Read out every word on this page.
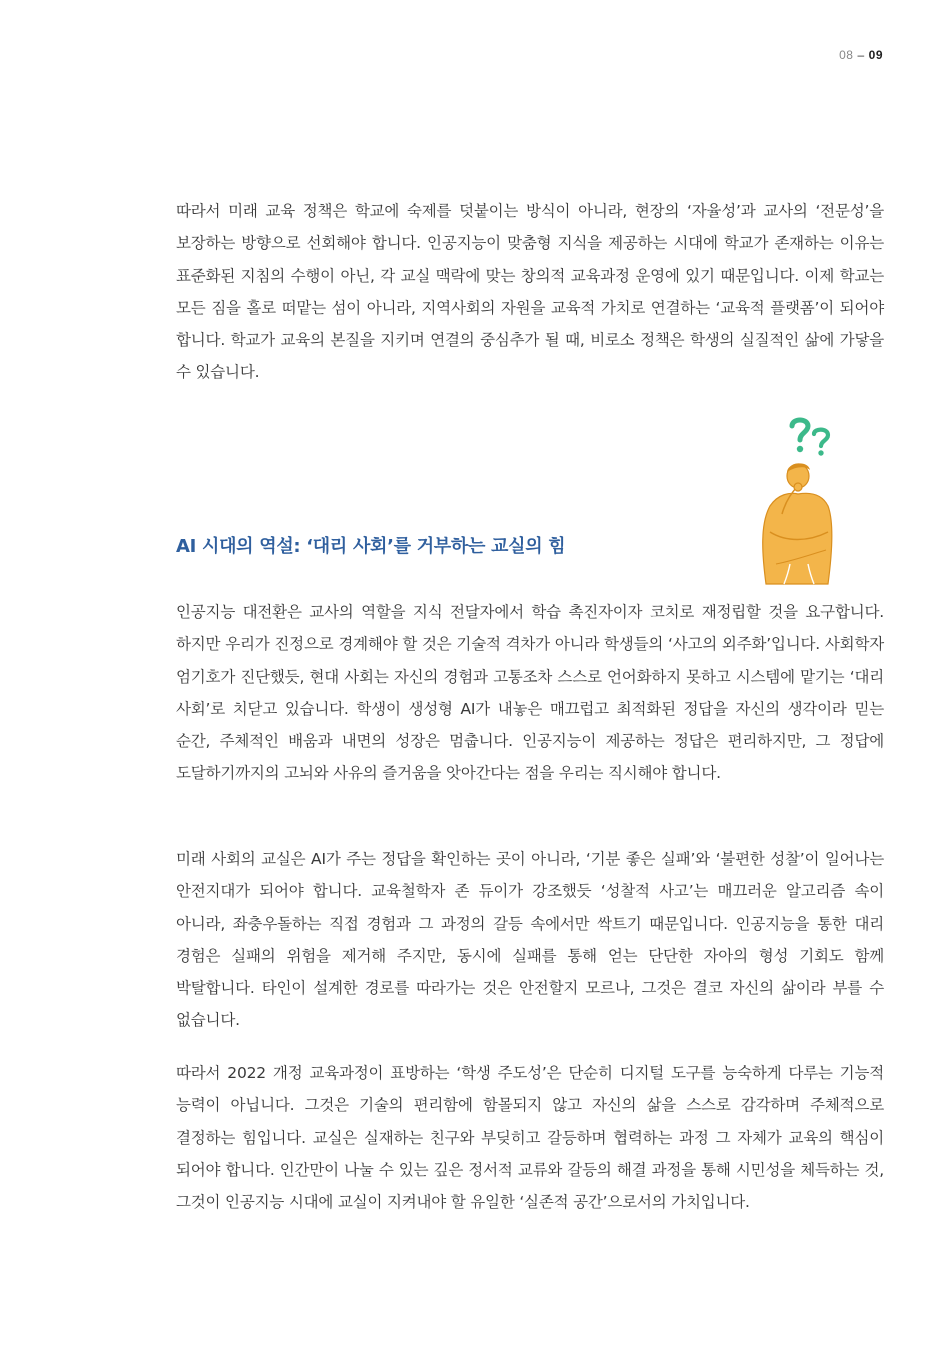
08 – 09

따라서 미래 교육 정책은 학교에 숙제를 덧붙이는 방식이 아니라, 현장의 ‘자율성’과 교사의 ‘전문성’을 보장하는 방향으로 선회해야 합니다. 인공지능이 맞춤형 지식을 제공하는 시대에 학교가 존재하는 이유는 표준화된 지침의 수행이 아닌, 각 교실 맥락에 맞는 창의적 교육과정 운영에 있기 때문입니다. 이제 학교는 모든 짐을 홀로 떠맡는 섬이 아니라, 지역사회의 자원을 교육적 가치로 연결하는 ‘교육적 플랫폼’이 되어야 합니다. 학교가 교육의 본질을 지키며 연결의 중심추가 될 때, 비로소 정책은 학생의 실질적인 삶에 가닿을 수 있습니다.

AI 시대의 역설: ‘대리 사회’를 거부하는 교실의 힘

인공지능 대전환은 교사의 역할을 지식 전달자에서 학습 촉진자이자 코치로 재정립할 것을 요구합니다. 하지만 우리가 진정으로 경계해야 할 것은 기술적 격차가 아니라 학생들의 ‘사고의 외주화’입니다. 사회학자 엄기호가 진단했듯, 현대 사회는 자신의 경험과 고통조차 스스로 언어화하지 못하고 시스템에 맡기는 ‘대리 사회’로 치닫고 있습니다. 학생이 생성형 AI가 내놓은 매끄럽고 최적화된 정답을 자신의 생각이라 믿는 순간, 주체적인 배움과 내면의 성장은 멈춥니다. 인공지능이 제공하는 정답은 편리하지만, 그 정답에 도달하기까지의 고뇌와 사유의 즐거움을 앗아간다는 점을 우리는 직시해야 합니다.

미래 사회의 교실은 AI가 주는 정답을 확인하는 곳이 아니라, ‘기분 좋은 실패’와 ‘불편한 성찰’이 일어나는 안전지대가 되어야 합니다. 교육철학자 존 듀이가 강조했듯 ‘성찰적 사고’는 매끄러운 알고리즘 속이 아니라, 좌충우돌하는 직접 경험과 그 과정의 갈등 속에서만 싹트기 때문입니다. 인공지능을 통한 대리 경험은 실패의 위험을 제거해 주지만, 동시에 실패를 통해 얻는 단단한 자아의 형성 기회도 함께 박탈합니다. 타인이 설계한 경로를 따라가는 것은 안전할지 모르나, 그것은 결코 자신의 삶이라 부를 수 없습니다.

따라서 2022 개정 교육과정이 표방하는 ‘학생 주도성’은 단순히 디지털 도구를 능숙하게 다루는 기능적 능력이 아닙니다. 그것은 기술의 편리함에 함몰되지 않고 자신의 삶을 스스로 감각하며 주체적으로 결정하는 힘입니다. 교실은 실재하는 친구와 부딪히고 갈등하며 협력하는 과정 그 자체가 교육의 핵심이 되어야 합니다. 인간만이 나눌 수 있는 깊은 정서적 교류와 갈등의 해결 과정을 통해 시민성을 체득하는 것, 그것이 인공지능 시대에 교실이 지켜내야 할 유일한 ‘실존적 공간’으로서의 가치입니다.
